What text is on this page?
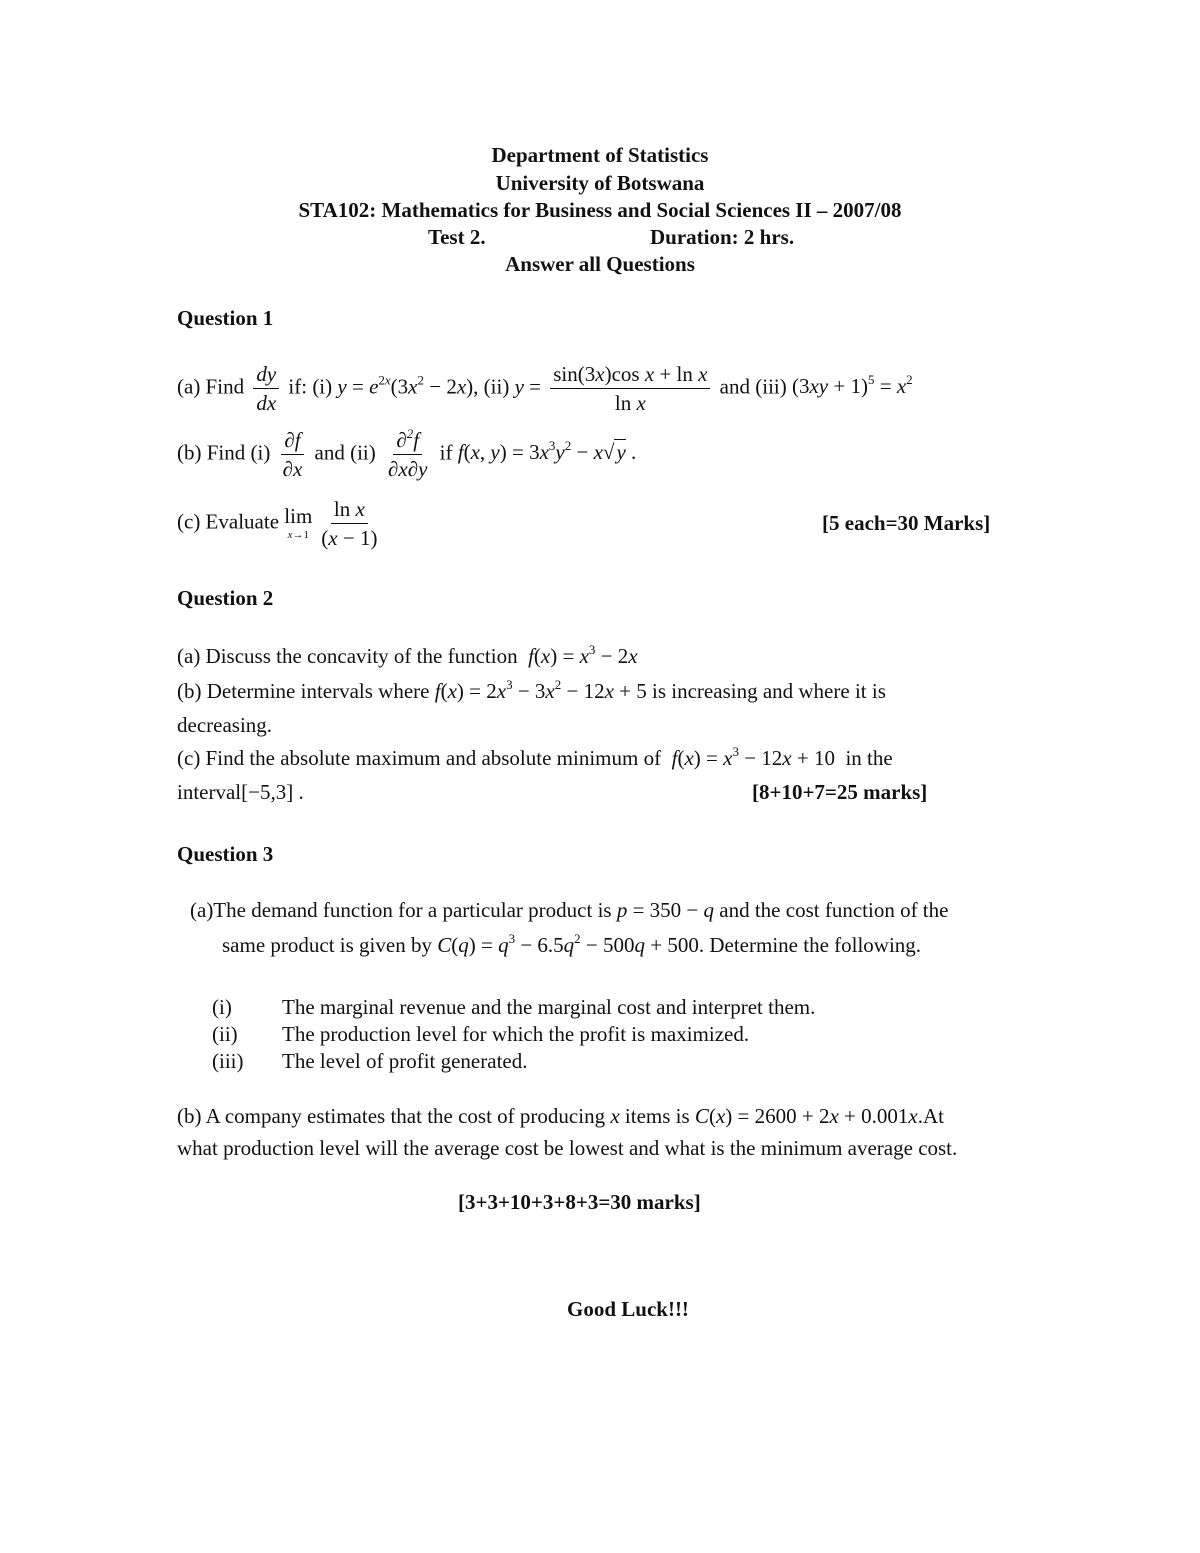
Department of Statistics
University of Botswana
STA102: Mathematics for Business and Social Sciences II – 2007/08
Test 2.	Duration: 2 hrs.
Answer all Questions
Question 1
(a) Find $\frac{dy}{dx}$ if: (i) $y = e^{2x}(3x^2 - 2x)$, (ii) $y = \frac{\text{sin(3x)cos x + ln x}}{\text{ln x}}$ and (iii) $(3xy + 1)^5 = x^2$
(b) Find $(i) \frac{\partial f}{\partial x}$ and $(ii) \frac{\partial^2f}{\partial x\partial y}$ if f(x, $y) = 3x^3y^2 - x√y$ .
(c) Evaluate lim
$x\to 1 \frac{\text{ln x}}{(x - 1)}$	[5 each=30 Marks]
Question 2
(a) Discuss the concavity of the function $f(x) = x^3 - 2x$
(b) Determine intervals where $f(x) = 2x^3 - 3x^2 - 12x + 5$ is increasing and where it is
decreasing.
(c) Find the absolute maximum and absolute minimum of $f(x) = x^3 - 12x + 10$  in the
interval[−5,3] .	[8+10+7=25 marks]
Question 3
(a)The demand function for a particular product is p = 350 − q and the cost function of the
same product is given by $C(q) = q^3 - 6.5q^2 - 500q + 500$. Determine the following.
(i) The marginal revenue and the marginal cost and interpret them.
(ii) The production level for which the profit is maximized.
(iii) The level of profit generated.
(b) A company estimates that the cost of producing x items is C(x) = 2600 + 2x + 0.001x.At
what production level will the average cost be lowest and what is the minimum average cost.
[3+3+10+3+8+3=30 marks]
Good Luck!!!
